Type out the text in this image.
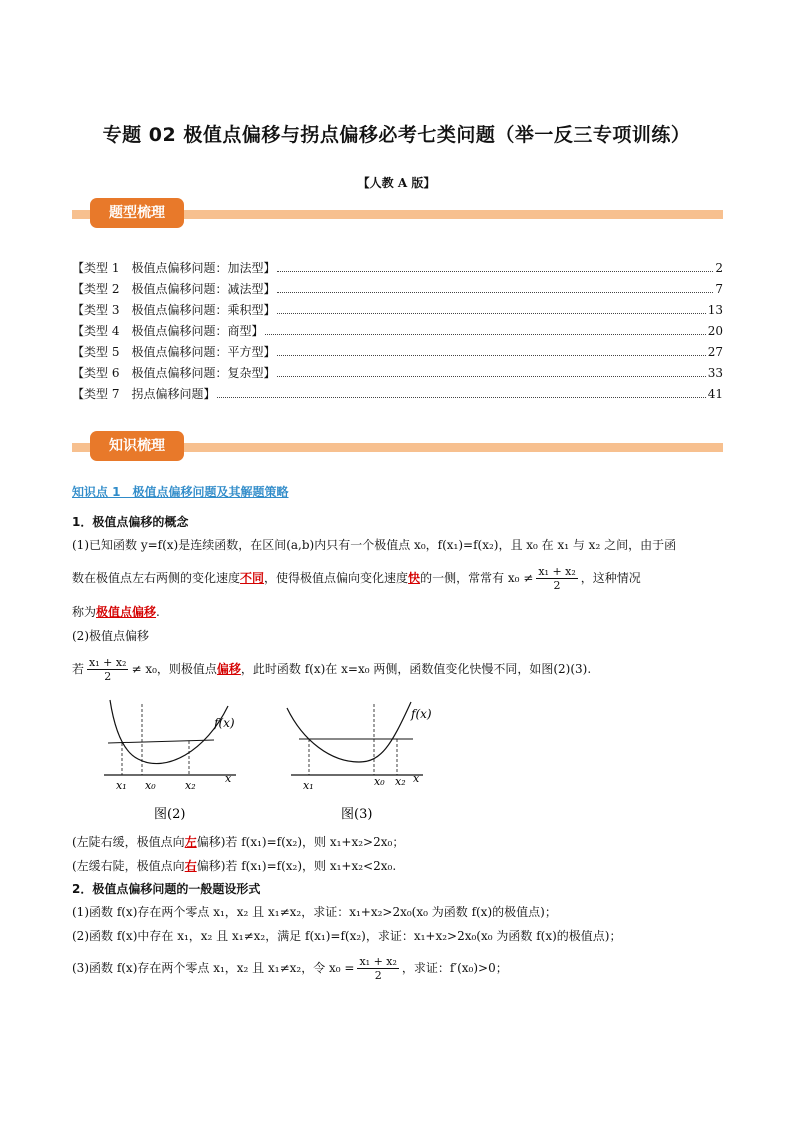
专题 02 极值点偏移与拐点偏移必考七类问题（举一反三专项训练）
【人教 A 版】
题型梳理
【类型 1　极值点偏移问题：加法型】	2
【类型 2　极值点偏移问题：减法型】	7
【类型 3　极值点偏移问题：乘积型】	13
【类型 4　极值点偏移问题：商型】	20
【类型 5　极值点偏移问题：平方型】	27
【类型 6　极值点偏移问题：复杂型】	33
【类型 7　拐点偏移问题】	41
知识梳理
知识点 1　极值点偏移问题及其解题策略
1．极值点偏移的概念
(1)已知函数 y=f(x)是连续函数，在区间(a,b)内只有一个极值点 x₀，f(x₁)=f(x₂)，且 x₀ 在 x₁ 与 x₂ 之间，由于函
数在极值点左右两侧的变化速度不同，使得极值点偏向变化速度快的一侧，常常有 $x_0 \ne \frac{\text{x₁ + x₂}}{2}$ ，这种情况
称为极值点偏移.
(2)极值点偏移
若 $\frac{\text{x₁ + x₂}}{2} \ne x_0$，则极值点偏移，此时函数 f(x)在 x=x₀ 两侧，函数值变化快慢不同，如图(2)(3).
f(x)
x
x₁ x₀	x₂
图(2)
f(x)
x
x₁	x₀ x₂
图(3)
(左陡右缓，极值点向左偏移)若 f(x₁)=f(x₂)，则 x₁+x₂>2x₀；
(左缓右陡，极值点向右偏移)若 f(x₁)=f(x₂)，则 x₁+x₂<2x₀.
2．极值点偏移问题的一般题设形式
(1)函数 f(x)存在两个零点 x₁，x₂ 且 x₁≠x₂，求证：x₁+x₂>2x₀(x₀ 为函数 f(x)的极值点)；
(2)函数 f(x)中存在 x₁，x₂ 且 x₁≠x₂，满足 f(x₁)=f(x₂)，求证：x₁+x₂>2x₀(x₀ 为函数 f(x)的极值点)；
(3)函数 f(x)存在两个零点 x₁，x₂ 且 x₁≠x₂，令 $x_0 = \frac{\text{x₁ + x₂}}{2}$ ，求证：f′(x₀)>0；
